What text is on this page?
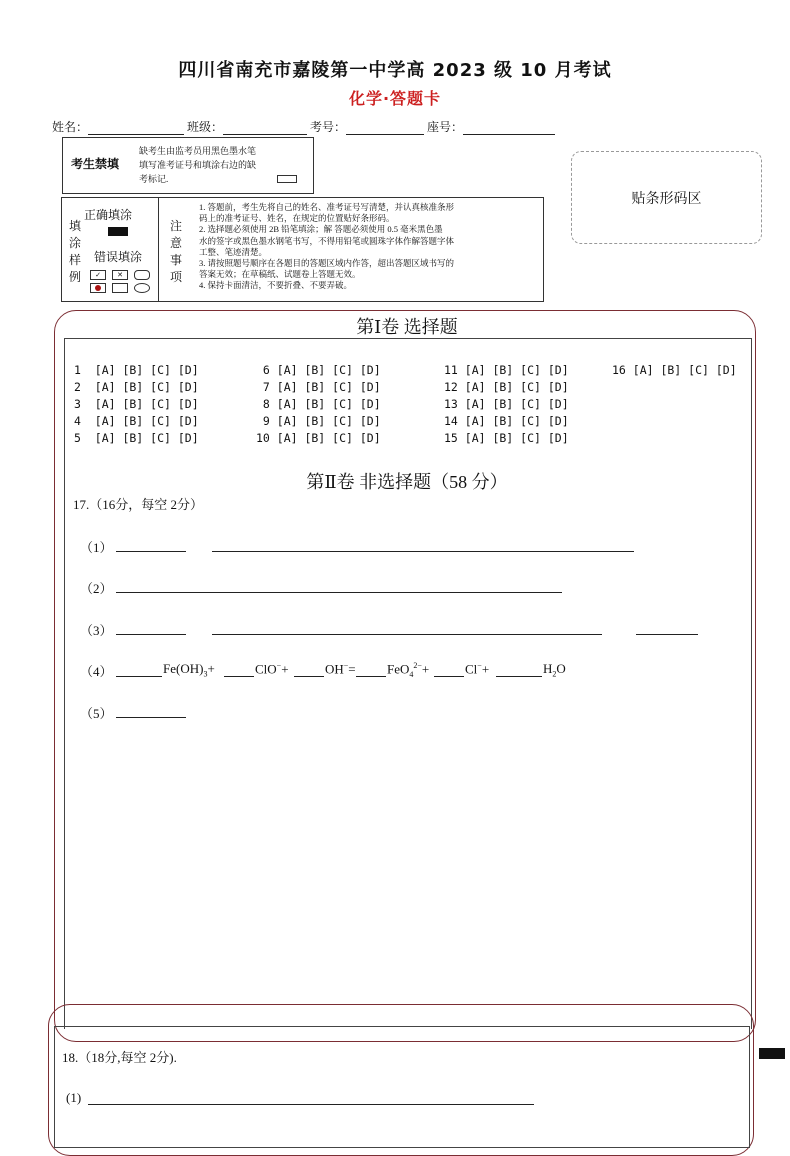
四川省南充市嘉陵第一中学高 2023 级 10 月考试
化学·答题卡
姓名：	班级：	考号：	座号：
考生禁填
缺考生由监考员用黑色墨水笔
填写准考证号和填涂右边的缺
考标记.
贴条形码区
填
涂
样
例
正确填涂
错误填涂
✓	✕
注
意
事
项
1. 答题前，考生先将自己的姓名、准考证号写清楚，并认真核准条形
码上的准考证号、姓名，在规定的位置贴好条形码。
2. 选择题必须使用 2B 铅笔填涂；解 答题必须使用 0.5 毫米黑色墨
水的签字或黑色墨水钢笔书写，不得用铅笔或圆珠字体作解答题字体
工整、笔迹清楚。
3. 请按照题号顺序在各题目的答题区域内作答，超出答题区域书写的
答案无效；在草稿纸、试题卷上答题无效。
4. 保持卡面清洁，不要折叠、不要弄破。
第Ⅰ卷 选择题
1  [A] [B] [C] [D]
2  [A] [B] [C] [D]
3  [A] [B] [C] [D]
4  [A] [B] [C] [D]
5  [A] [B] [C] [D]
6 [A] [B] [C] [D]
7 [A] [B] [C] [D]
8 [A] [B] [C] [D]
9 [A] [B] [C] [D]
10 [A] [B] [C] [D]
11 [A] [B] [C] [D]
12 [A] [B] [C] [D]
13 [A] [B] [C] [D]
14 [A] [B] [C] [D]
15 [A] [B] [C] [D]
16 [A] [B] [C] [D]
第Ⅱ卷 非选择题（58 分）
17.（16分，每空 2分）
（1）
（2）
（3）
（4）	$Fe(OH)_3+$	ClO−+	OH−= FeO$_4^{2-}$+	Cl−+	$H_2O$
（5）
18.（18分,每空 2分).
(1)
